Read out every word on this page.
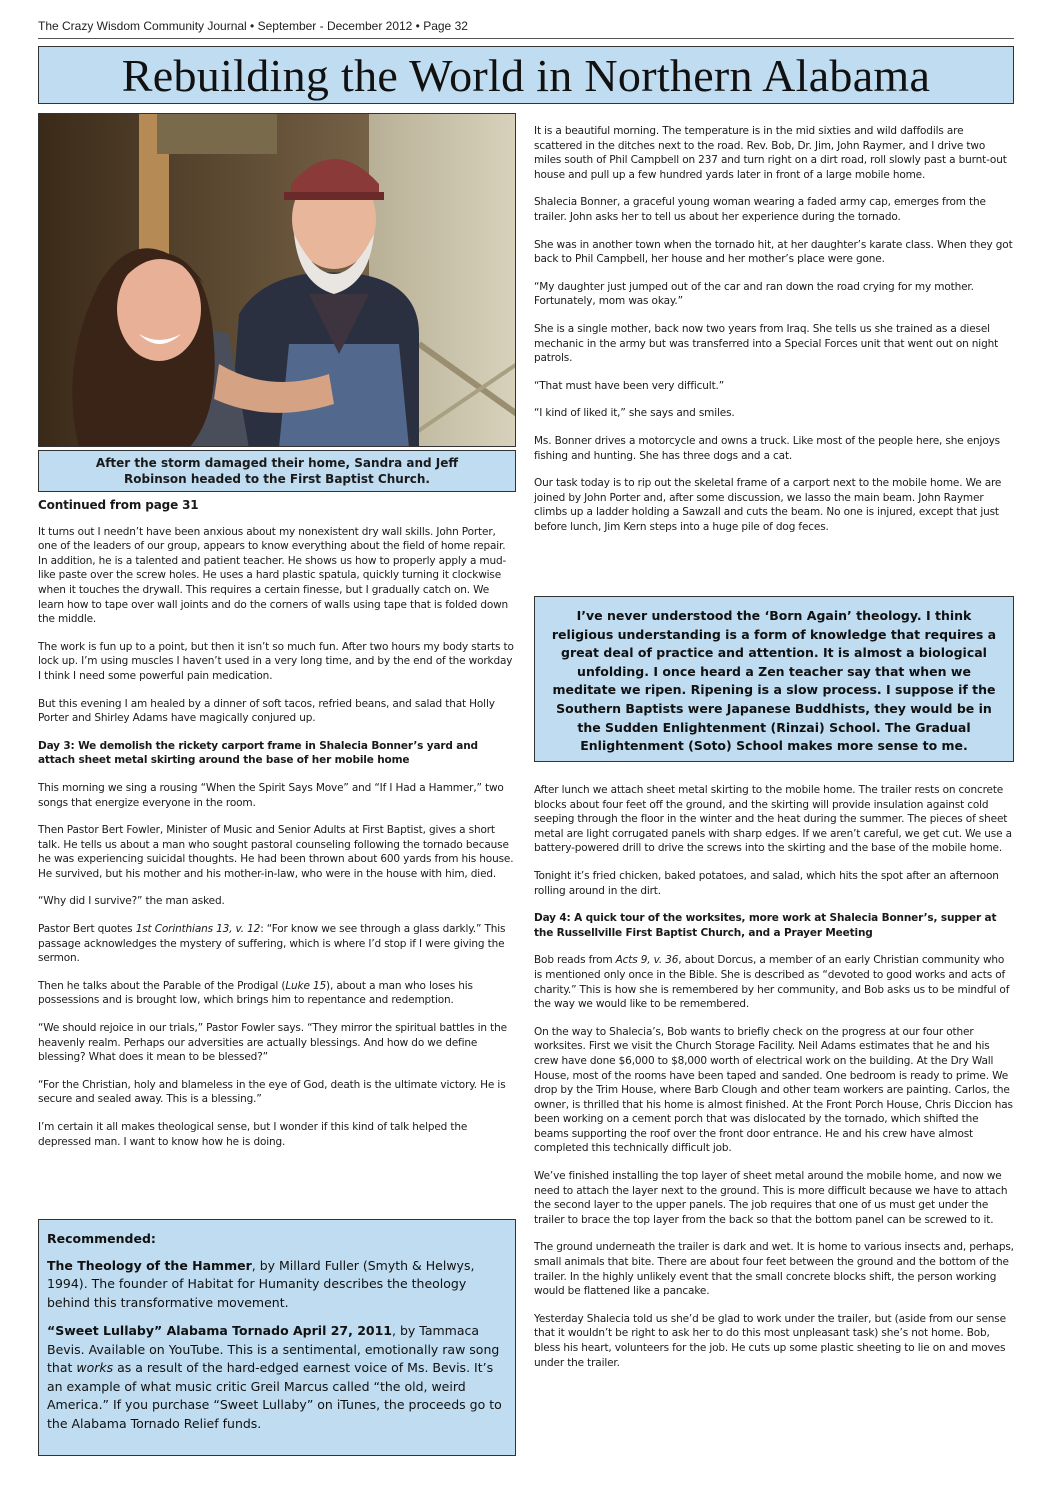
The Crazy Wisdom Community Journal • September - December 2012 • Page 32
Rebuilding the World in Northern Alabama
After the storm damaged their home, Sandra and Jeff Robinson headed to the First Baptist Church.
Continued from page 31

It turns out I needn’t have been anxious about my nonexistent dry wall skills. John Porter, one of the leaders of our group, appears to know everything about the field of home repair. In addition, he is a talented and patient teacher. He shows us how to properly apply a mud-like paste over the screw holes. He uses a hard plastic spatula, quickly turning it clockwise when it touches the drywall. This requires a certain finesse, but I gradually catch on. We learn how to tape over wall joints and do the corners of walls using tape that is folded down the middle.

The work is fun up to a point, but then it isn’t so much fun. After two hours my body starts to lock up. I’m using muscles I haven’t used in a very long time, and by the end of the workday I think I need some powerful pain medication.

But this evening I am healed by a dinner of soft tacos, refried beans, and salad that Holly Porter and Shirley Adams have magically conjured up.

Day 3: We demolish the rickety carport frame in Shalecia Bonner’s yard and attach sheet metal skirting around the base of her mobile home

This morning we sing a rousing “When the Spirit Says Move” and “If I Had a Hammer,” two songs that energize everyone in the room.

Then Pastor Bert Fowler, Minister of Music and Senior Adults at First Baptist, gives a short talk. He tells us about a man who sought pastoral counseling following the tornado because he was experiencing suicidal thoughts. He had been thrown about 600 yards from his house. He survived, but his mother and his mother-in-law, who were in the house with him, died.

“Why did I survive?” the man asked.

Pastor Bert quotes 1st Corinthians 13, v. 12: “For know we see through a glass darkly.” This passage acknowledges the mystery of suffering, which is where I’d stop if I were giving the sermon.

Then he talks about the Parable of the Prodigal (Luke 15), about a man who loses his possessions and is brought low, which brings him to repentance and redemption.

“We should rejoice in our trials,” Pastor Fowler says. “They mirror the spiritual battles in the heavenly realm. Perhaps our adversities are actually blessings. And how do we define blessing? What does it mean to be blessed?”

“For the Christian, holy and blameless in the eye of God, death is the ultimate victory. He is secure and sealed away. This is a blessing.”

I’m certain it all makes theological sense, but I wonder if this kind of talk helped the depressed man. I want to know how he is doing.

Recommended:

The Theology of the Hammer, by Millard Fuller (Smyth & Helwys, 1994). The founder of Habitat for Humanity describes the theology behind this transformative movement.

“Sweet Lullaby” Alabama Tornado April 27, 2011, by Tammaca Bevis. Available on YouTube. This is a sentimental, emotionally raw song that works as a result of the hard-edged earnest voice of Ms. Bevis. It’s an example of what music critic Greil Marcus called “the old, weird America.” If you purchase “Sweet Lullaby” on iTunes, the proceeds go to the Alabama Tornado Relief funds.

It is a beautiful morning. The temperature is in the mid sixties and wild daffodils are scattered in the ditches next to the road. Rev. Bob, Dr. Jim, John Raymer, and I drive two miles south of Phil Campbell on 237 and turn right on a dirt road, roll slowly past a burnt-out house and pull up a few hundred yards later in front of a large mobile home.

Shalecia Bonner, a graceful young woman wearing a faded army cap, emerges from the trailer. John asks her to tell us about her experience during the tornado.

She was in another town when the tornado hit, at her daughter’s karate class. When they got back to Phil Campbell, her house and her mother’s place were gone.

“My daughter just jumped out of the car and ran down the road crying for my mother. Fortunately, mom was okay.”

She is a single mother, back now two years from Iraq. She tells us she trained as a diesel mechanic in the army but was transferred into a Special Forces unit that went out on night patrols.

“That must have been very difficult.”

“I kind of liked it,” she says and smiles.

Ms. Bonner drives a motorcycle and owns a truck. Like most of the people here, she enjoys fishing and hunting. She has three dogs and a cat.

Our task today is to rip out the skeletal frame of a carport next to the mobile home. We are joined by John Porter and, after some discussion, we lasso the main beam. John Raymer climbs up a ladder holding a Sawzall and cuts the beam. No one is injured, except that just before lunch, Jim Kern steps into a huge pile of dog feces.

I’ve never understood the ‘Born Again’ theology. I think religious understanding is a form of knowledge that requires a great deal of practice and attention. It is almost a biological unfolding. I once heard a Zen teacher say that when we meditate we ripen. Ripening is a slow process. I suppose if the Southern Baptists were Japanese Buddhists, they would be in the Sudden Enlightenment (Rinzai) School. The Gradual Enlightenment (Soto) School makes more sense to me.

After lunch we attach sheet metal skirting to the mobile home. The trailer rests on concrete blocks about four feet off the ground, and the skirting will provide insulation against cold seeping through the floor in the winter and the heat during the summer. The pieces of sheet metal are light corrugated panels with sharp edges. If we aren’t careful, we get cut. We use a battery-powered drill to drive the screws into the skirting and the base of the mobile home.

Tonight it’s fried chicken, baked potatoes, and salad, which hits the spot after an afternoon rolling around in the dirt.

Day 4: A quick tour of the worksites, more work at Shalecia Bonner’s, supper at the Russellville First Baptist Church, and a Prayer Meeting

Bob reads from Acts 9, v. 36, about Dorcus, a member of an early Christian community who is mentioned only once in the Bible. She is described as “devoted to good works and acts of charity.” This is how she is remembered by her community, and Bob asks us to be mindful of the way we would like to be remembered.

On the way to Shalecia’s, Bob wants to briefly check on the progress at our four other worksites. First we visit the Church Storage Facility. Neil Adams estimates that he and his crew have done $6,000 to $8,000 worth of electrical work on the building. At the Dry Wall House, most of the rooms have been taped and sanded. One bedroom is ready to prime. We drop by the Trim House, where Barb Clough and other team workers are painting. Carlos, the owner, is thrilled that his home is almost finished. At the Front Porch House, Chris Diccion has been working on a cement porch that was dislocated by the tornado, which shifted the beams supporting the roof over the front door entrance. He and his crew have almost completed this technically difficult job.

We’ve finished installing the top layer of sheet metal around the mobile home, and now we need to attach the layer next to the ground. This is more difficult because we have to attach the second layer to the upper panels. The job requires that one of us must get under the trailer to brace the top layer from the back so that the bottom panel can be screwed to it.

The ground underneath the trailer is dark and wet. It is home to various insects and, perhaps, small animals that bite. There are about four feet between the ground and the bottom of the trailer. In the highly unlikely event that the small concrete blocks shift, the person working would be flattened like a pancake.

Yesterday Shalecia told us she’d be glad to work under the trailer, but (aside from our sense that it wouldn’t be right to ask her to do this most unpleasant task) she’s not home. Bob, bless his heart, volunteers for the job. He cuts up some plastic sheeting to lie on and moves under the trailer.
